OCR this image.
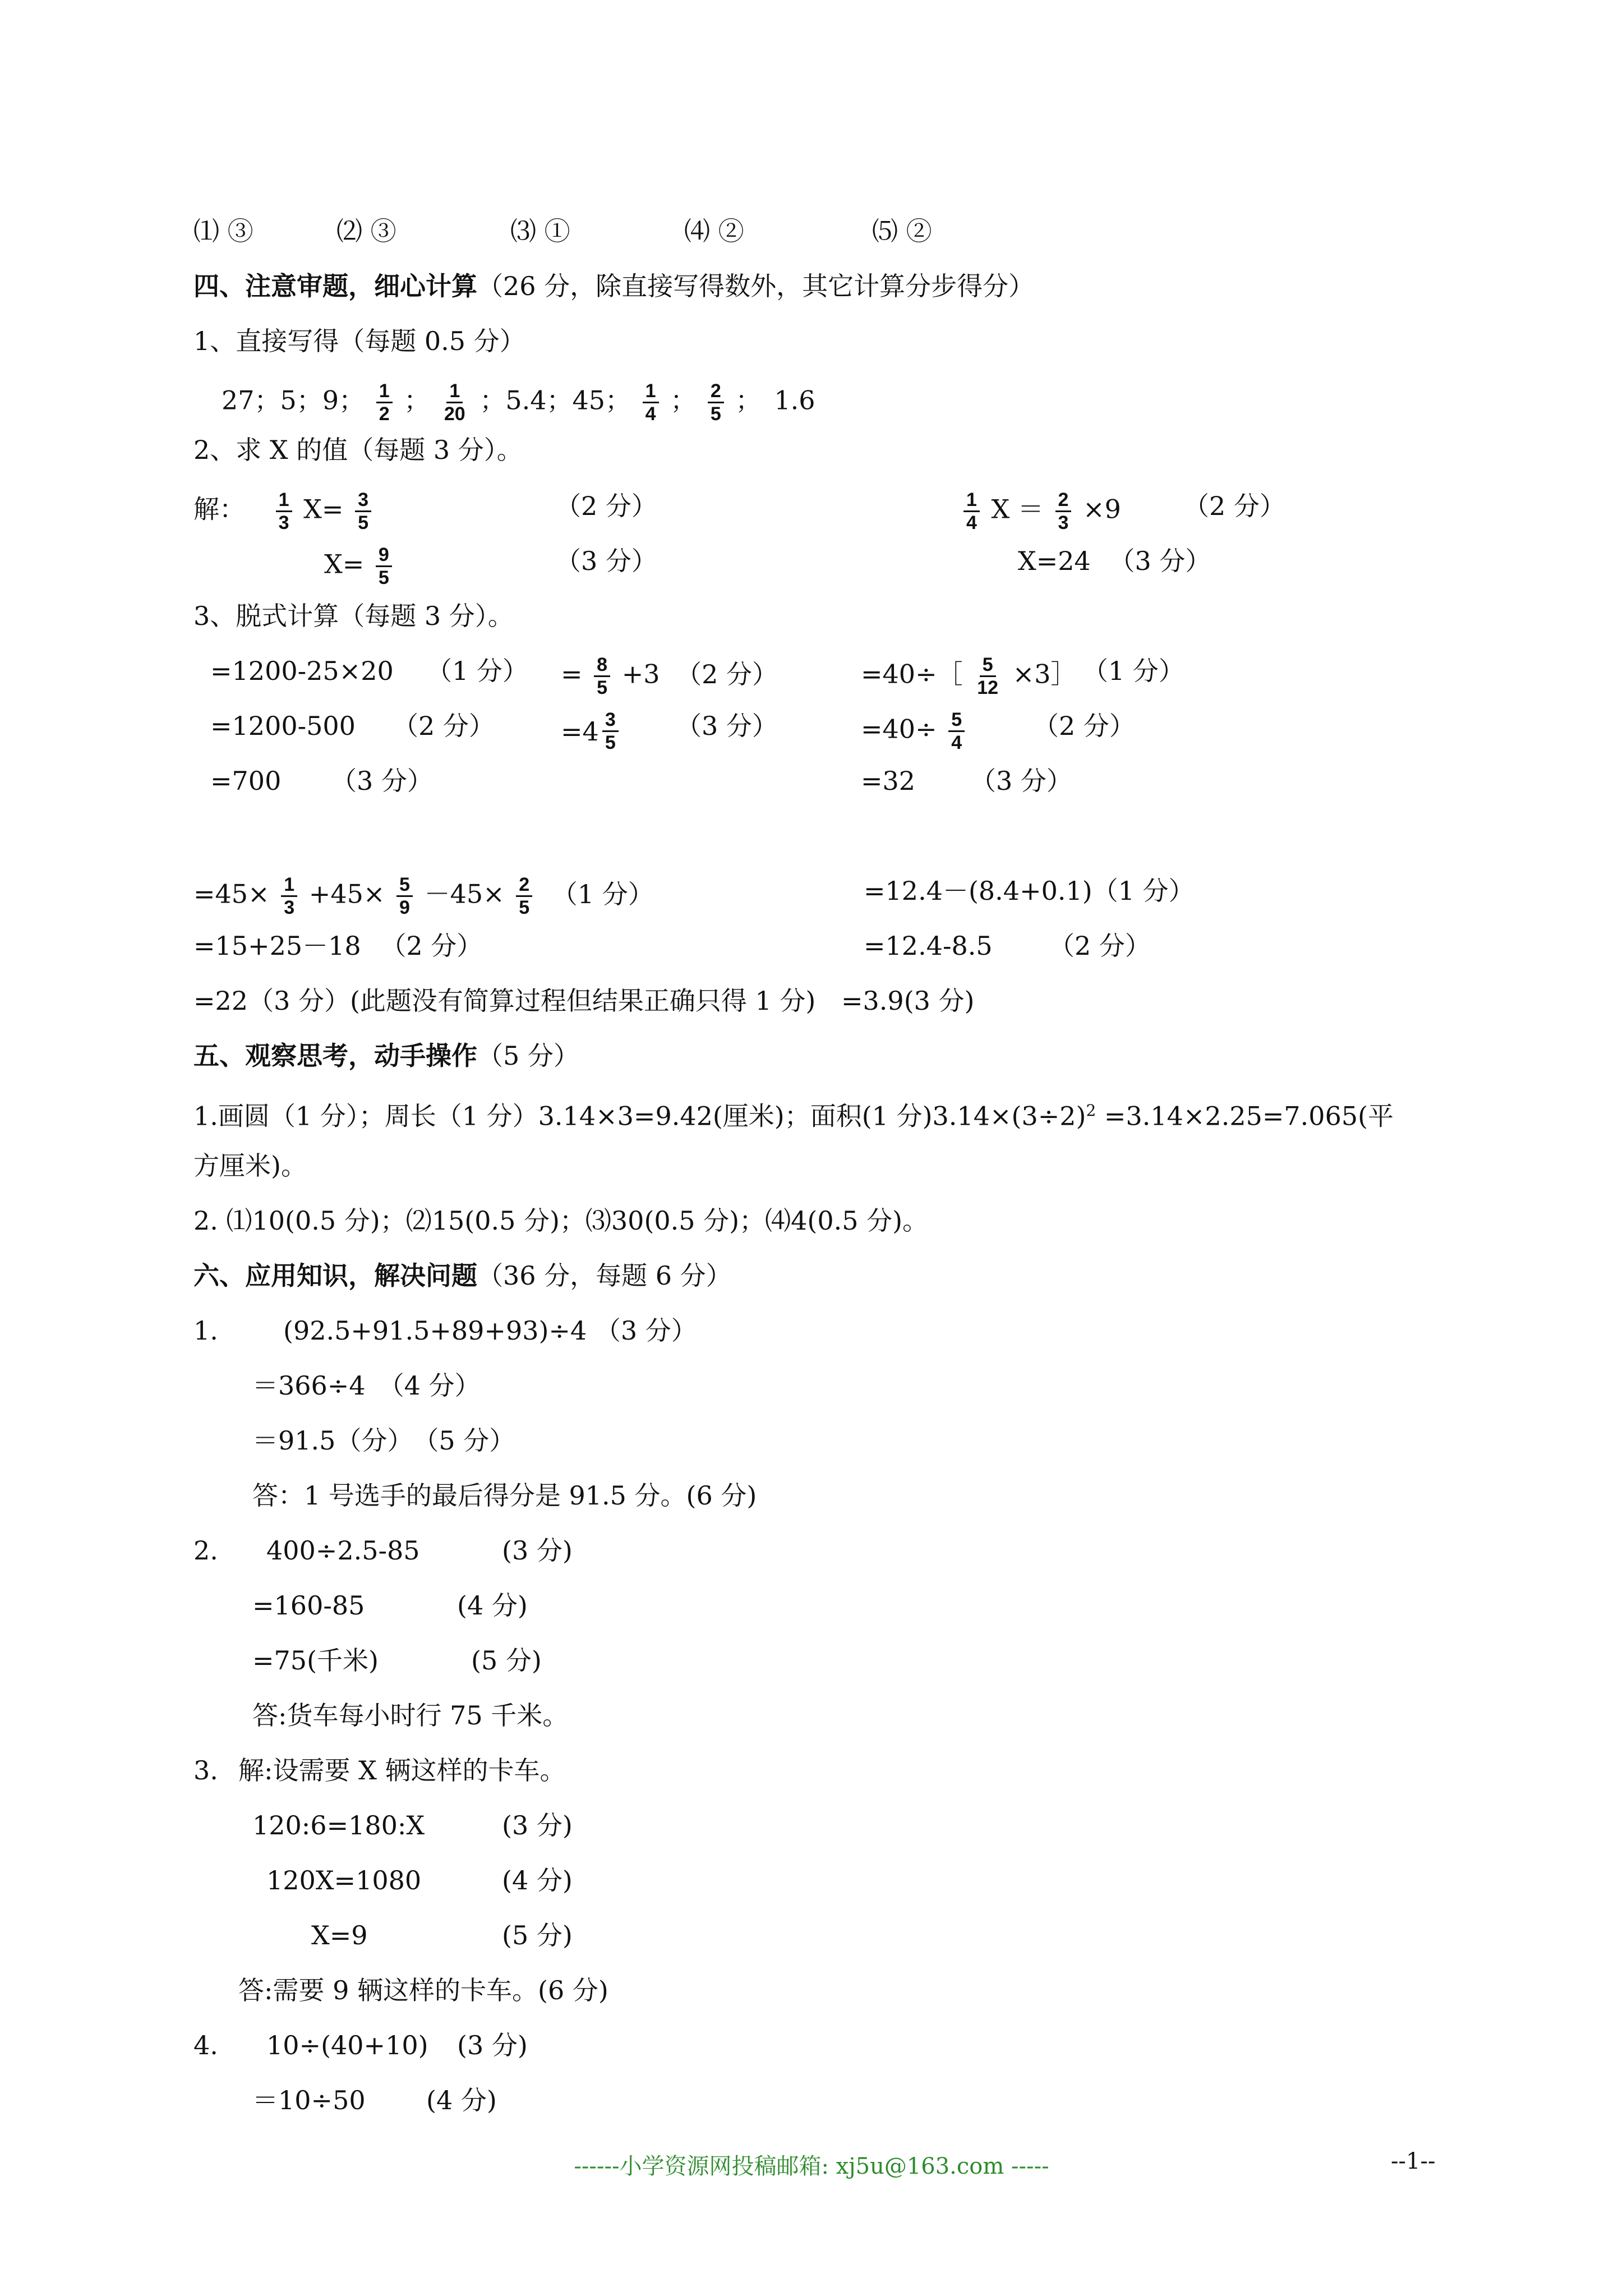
⑴ ③	⑵ ③	⑶ ①	⑷ ②	⑸ ②
四、注意审题，细心计算（26 分，除直接写得数外，其它计算分步得分）
1、直接写得（每题 0.5 分）
27；5；9； $\frac{1}{2}$ ； $\frac{1}{20}$ ；5.4；45； $\frac{1}{4}$ ； $\frac{2}{5}$ ；　1.6
2、求 X 的值（每题 3 分）。
解： $\frac{1}{3} X= \frac{3}{5}$	（2 分）
$X= \frac{9}{5}$	（3 分）
$\frac{1}{4}$ $X = \frac{2}{3} \times 9$ （2 分）
X=24 （3 分）
3、脱式计算（每题 3 分）。
=1200-25×20 （1 分）
=1200-500 （2 分）
=700 （3 分）
= $\frac{8}{5} +3$ （2 分）
$=4 \frac{3}{5} (3$ 分）
=40÷［ $\frac{5}{12}$ ×3］ （1 分）
$=40\div \frac{5}{4}$	（2 分）
=32 （3 分）
$=45\times \frac{1}{3} +45\times \frac{5}{9} -45\times \frac{2}{5} (1$ 分）
=15+25－18 （2 分）
=22（3 分）(此题没有简算过程但结果正确只得 1 分)
=12.4－(8.4+0.1)（1 分）
=12.4-8.5 （2 分）
=3.9(3 分)
五、观察思考，动手操作（5 分）
1.画圆（1 分）；周长（1 分）3.14×3=9.42(厘米)；面积(1 分)$3.14\times(3\div 2)^2 =3.14\times 2.25=7.065$(平
方厘米)。
2. ⑴10(0.5 分)；⑵15(0.5 分)；⑶30(0.5 分)；⑷4(0.5 分)。
六、应用知识，解决问题（36 分，每题 6 分）
1.	(92.5+91.5+89+93)÷4 （3 分）
＝366÷4　（4 分）
＝91.5（分）　（5 分）
答：1 号选手的最后得分是 91.5 分。(6 分)
2. 400÷2.5-85	(3 分)
=160-85	(4 分)
=75(千米)	(5 分)
答:货车每小时行 75 千米。
3. 解:设需要 X 辆这样的卡车。
120:6=180:X	(3 分)
120X=1080	(4 分)
X=9	(5 分)
答:需要 9 辆这样的卡车。(6 分)
4. 10÷(40+10) (3 分)
＝10÷50 (4 分)
------小学资源网投稿邮箱: xj5u@163.com -----	--1--
